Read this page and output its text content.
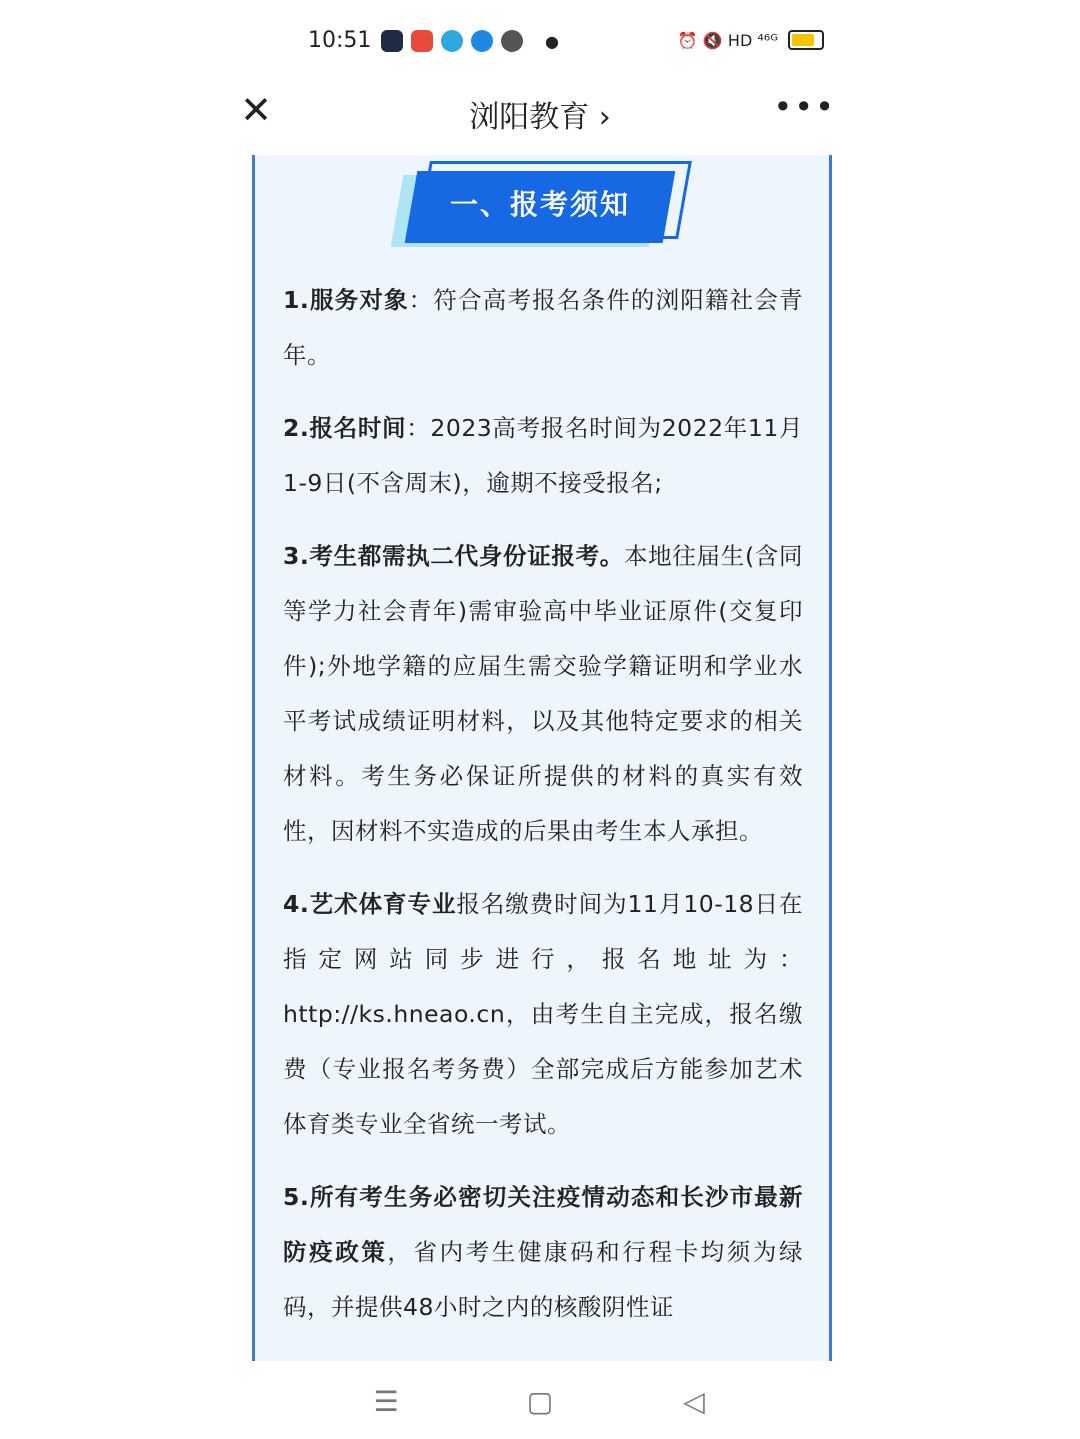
10:51	●	⏰ 🔇 HD ⁴⁶ᴳ
✕	浏阳教育 ›	•••
一、报考须知

1.服务对象：符合高考报名条件的浏阳籍社会青年。

2.报名时间：2023高考报名时间为2022年11月1-9日(不含周末)，逾期不接受报名;

3.考生都需执二代身份证报考。本地往届生(含同等学力社会青年)需审验高中毕业证原件(交复印件);外地学籍的应届生需交验学籍证明和学业水平考试成绩证明材料，以及其他特定要求的相关材料。考生务必保证所提供的材料的真实有效性，因材料不实造成的后果由考生本人承担。

4.艺术体育专业报名缴费时间为11月10-18日在指定网站同步进行，报名地址为：http://ks.hneao.cn，由考生自主完成，报名缴费（专业报名考务费）全部完成后方能参加艺术体育类专业全省统一考试。

5.所有考生务必密切关注疫情动态和长沙市最新防疫政策，省内考生健康码和行程卡均须为绿码，并提供48小时之内的核酸阴性证

☰	▢	◁
